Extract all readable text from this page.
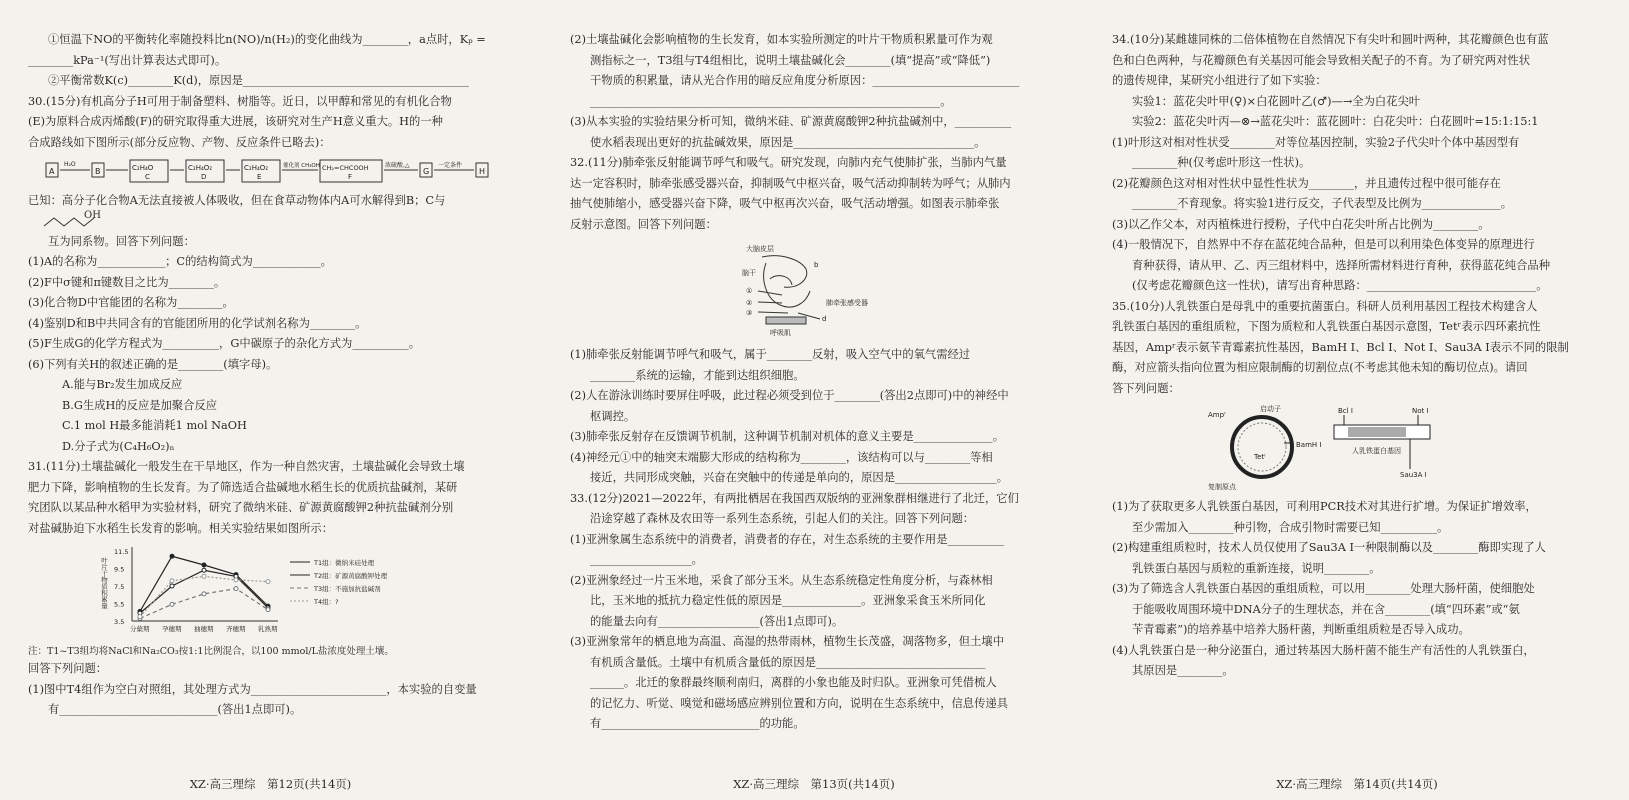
①恒温下NO的平衡转化率随投料比n(NO)/n(H₂)的变化曲线为________，a点时，Kₚ =

________kPa⁻¹(写出计算表达式即可)。

②平衡常数K(c)________K(d)，原因是________________________________________

30.(15分)有机高分子H可用于制备塑料、树脂等。近日，以甲醇和常见的有机化合物

(E)为原料合成丙烯酸(F)的研究取得重大进展，该研究对生产H意义重大。H的一种

合成路线如下图所示(部分反应物、产物、反应条件已略去)：

A
H₂O
B	C₂H₄O
C
C₂H₄O₂
D
C₂H₄O₂
E
催化剂 CH₃OH CH₂=CHCOOH
F
浓硫酸,△
G
一定条件
H

已知：高分子化合物A无法直接被人体吸收，但在食草动物体内A可水解得到B；C与

OH

互为同系物。回答下列问题：

(1)A的名称为____________；C的结构简式为____________。

(2)F中σ键和π键数目之比为________。

(3)化合物D中官能团的名称为________。

(4)鉴别D和B中共同含有的官能团所用的化学试剂名称为________。

(5)F生成G的化学方程式为__________，G中碳原子的杂化方式为__________。

(6)下列有关H的叙述正确的是________(填字母)。

A.能与Br₂发生加成反应

B.G生成H的反应是加聚合反应

C.1 mol H最多能消耗1 mol NaOH

D.分子式为(C₄H₆O₂)ₙ

31.(11分)土壤盐碱化一般发生在干旱地区，作为一种自然灾害，土壤盐碱化会导致土壤

肥力下降，影响植物的生长发育。为了筛选适合盐碱地水稻生长的优质抗盐碱剂，某研

究团队以某品种水稻甲为实验材料，研究了微纳米硅、矿源黄腐酸钾2种抗盐碱剂分别

对盐碱胁迫下水稻生长发育的影响。相关实验结果如图所示：

叶片干物质积累量
11.5
9.5
7.5
5.5
3.5
分蘖期 孕穗期 抽穗期 齐穗期 乳熟期
T1组：微纳米硅处理
T2组：矿源黄腐酸钾处理
T3组：不施加抗盐碱剂
T4组：?

注：T1~T3组均将NaCl和Na₂CO₃按1:1比例混合，以100 mmol/L盐浓度处理土壤。

回答下列问题：

(1)图中T4组作为空白对照组，其处理方式为________________________，本实验的自变量

有____________________________(答出1点即可)。

(2)土壤盐碱化会影响植物的生长发育，如本实验所测定的叶片干物质积累量可作为观

测指标之一，T3组与T4组相比，说明土壤盐碱化会________(填“提高”或“降低”)

干物质的积累量，请从光合作用的暗反应角度分析原因：__________________________

______________________________________________________________。

(3)从本实验的实验结果分析可知，微纳米硅、矿源黄腐酸钾2种抗盐碱剂中，__________

使水稻表现出更好的抗盐碱效果，原因是________________________________。

32.(11分)肺牵张反射能调节呼气和吸气。研究发现，向肺内充气使肺扩张，当肺内气量

达一定容积时，肺牵张感受器兴奋，抑制吸气中枢兴奋，吸气活动抑制转为呼气；从肺内

抽气使肺缩小，感受器兴奋下降，吸气中枢再次兴奋，吸气活动增强。如图表示肺牵张

反射示意图。回答下列问题：

大脑皮层
脑干
b
①
②
③
肺牵张感受器
d
呼吸肌

(1)肺牵张反射能调节呼气和吸气，属于________反射，吸入空气中的氧气需经过

________系统的运输，才能到达组织细胞。

(2)人在游泳训练时要屏住呼吸，此过程必须受到位于________(答出2点即可)中的神经中

枢调控。

(3)肺牵张反射存在反馈调节机制，这种调节机制对机体的意义主要是______________。

(4)神经元①中的轴突末端膨大形成的结构称为________，该结构可以与________等相

接近，共同形成突触，兴奋在突触中的传递是单向的，原因是__________________。

33.(12分)2021—2022年，有两批栖居在我国西双版纳的亚洲象群相继进行了北迁，它们

沿途穿越了森林及农田等一系列生态系统，引起人们的关注。回答下列问题：

(1)亚洲象属生态系统中的消费者，消费者的存在，对生态系统的主要作用是__________

__________________。

(2)亚洲象经过一片玉米地，采食了部分玉米。从生态系统稳定性角度分析，与森林相

比，玉米地的抵抗力稳定性低的原因是______________。亚洲象采食玉米所同化

的能量去向有__________________(答出1点即可)。

(3)亚洲象常年的栖息地为高温、高湿的热带雨林，植物生长茂盛，凋落物多，但土壤中

有机质含量低。土壤中有机质含量低的原因是______________________________

______。北迁的象群最终顺利南归，离群的小象也能及时归队。亚洲象可凭借梳人

的记忆力、听觉、嗅觉和磁场感应辨别位置和方向，说明在生态系统中，信息传递具

有____________________________的功能。

34.(10分)某雌雄同株的二倍体植物在自然情况下有尖叶和圆叶两种，其花瓣颜色也有蓝

色和白色两种，与花瓣颜色有关基因可能会导致相关配子的不育。为了研究两对性状

的遗传规律，某研究小组进行了如下实验：

实验1：蓝花尖叶甲(♀)×白花圆叶乙(♂)—→全为白花尖叶

实验2：蓝花尖叶丙—⊗→蓝花尖叶：蓝花圆叶：白花尖叶：白花圆叶=15:1:15:1

(1)叶形这对相对性状受________对等位基因控制，实验2子代尖叶个体中基因型有

________种(仅考虑叶形这一性状)。

(2)花瓣颜色这对相对性状中显性性状为________，并且遗传过程中很可能存在

________不育现象。将实验1进行反交，子代表型及比例为______________。

(3)以乙作父本，对丙植株进行授粉，子代中白花尖叶所占比例为________。

(4)一般情况下，自然界中不存在蓝花纯合品种，但是可以利用染色体变异的原理进行

育种获得，请从甲、乙、丙三组材料中，选择所需材料进行育种，获得蓝花纯合品种

(仅考虑花瓣颜色这一性状)，请写出育种思路：______________________________。

35.(10分)人乳铁蛋白是母乳中的重要抗菌蛋白。科研人员利用基因工程技术构建含人

乳铁蛋白基因的重组质粒，下图为质粒和人乳铁蛋白基因示意图，Tetʳ表示四环素抗性

基因，Ampʳ表示氨苄青霉素抗性基因，BamH Ⅰ、Bcl Ⅰ、Not Ⅰ、Sau3A Ⅰ表示不同的限制

酶，对应箭头指向位置为相应限制酶的切割位点(不考虑其他未知的酶切位点)。请回

答下列问题：

Ampʳ
启动子
BamH Ⅰ
Tetʳ
复制原点
Bcl Ⅰ	Not Ⅰ
人乳铁蛋白基因
Sau3A Ⅰ

(1)为了获取更多人乳铁蛋白基因，可利用PCR技术对其进行扩增。为保证扩增效率，

至少需加入________种引物，合成引物时需要已知__________。

(2)构建重组质粒时，技术人员仅使用了Sau3A Ⅰ一种限制酶以及________酶即实现了人

乳铁蛋白基因与质粒的重新连接，说明________。

(3)为了筛选含人乳铁蛋白基因的重组质粒，可以用________处理大肠杆菌，使细胞处

于能吸收周围环境中DNA分子的生理状态，并在含________(填“四环素”或“氨

苄青霉素”)的培养基中培养大肠杆菌，判断重组质粒是否导入成功。

(4)人乳铁蛋白是一种分泌蛋白，通过转基因大肠杆菌不能生产有活性的人乳铁蛋白，

其原因是________。

XZ·高三理综　第12页(共14页)	XZ·高三理综　第13页(共14页)	XZ·高三理综　第14页(共14页)
